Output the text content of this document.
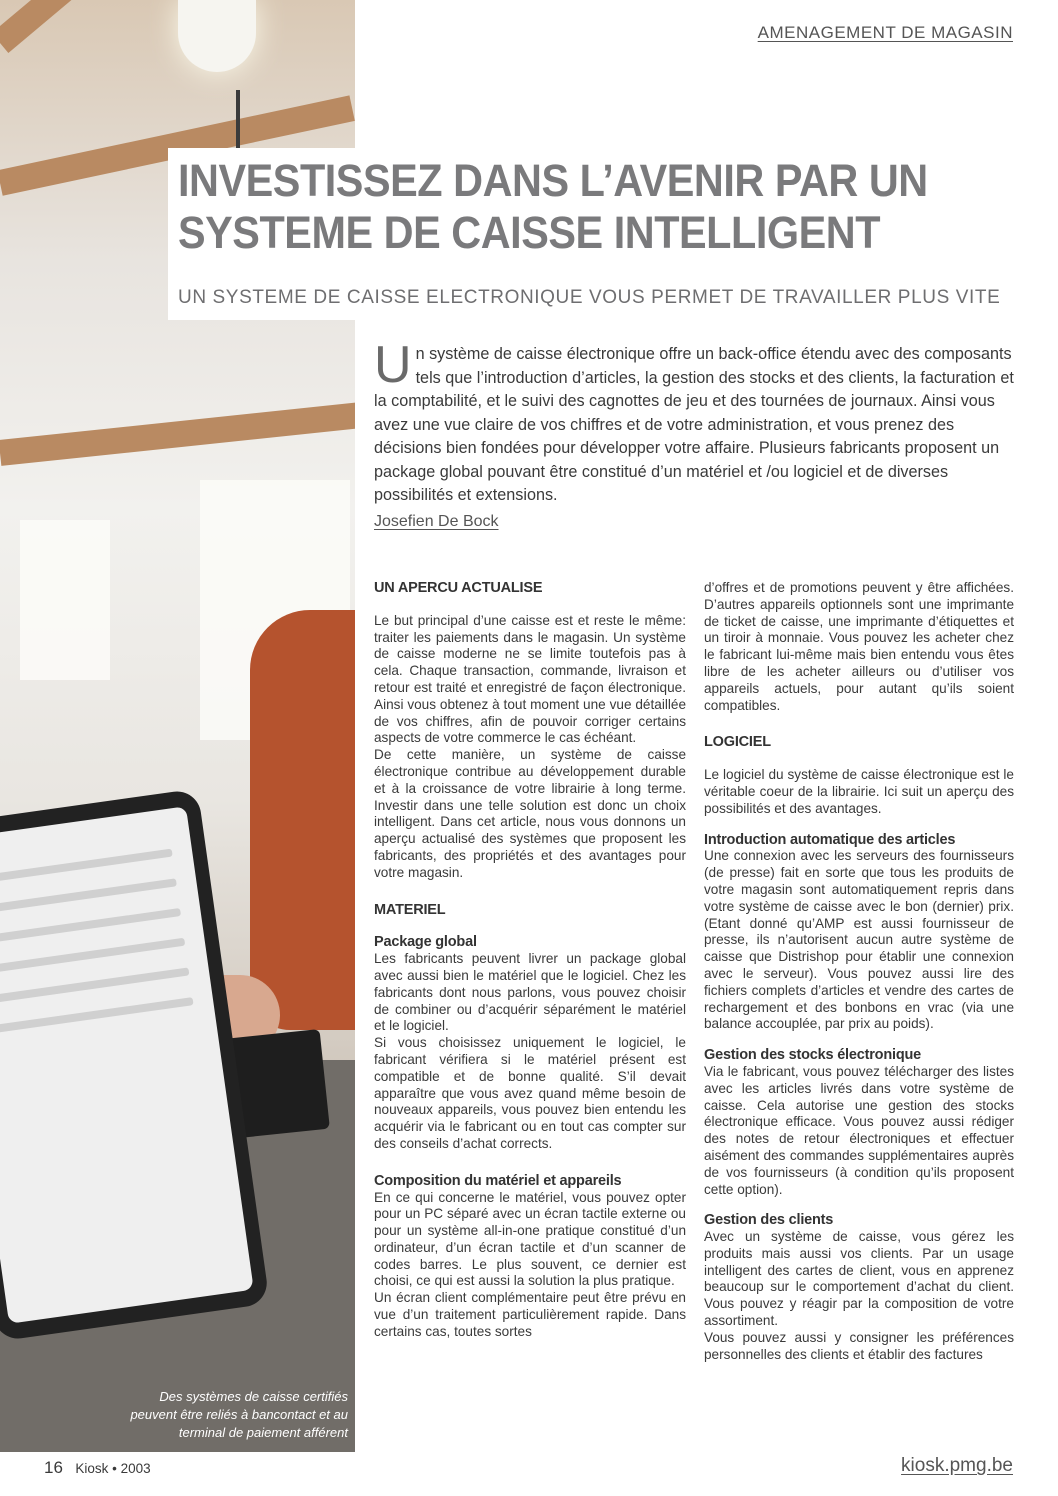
Des systèmes de caisse certifiés peuvent être reliés à bancontact et au terminal de paiement afférent
AMENAGEMENT DE MAGASIN
INVESTISSEZ DANS L’AVENIR PAR UN
SYSTEME DE CAISSE INTELLIGENT
UN SYSTEME DE CAISSE ELECTRONIQUE VOUS PERMET DE TRAVAILLER PLUS VITE
Un système de caisse électronique offre un back-office étendu avec des composants tels que l’introduction d’articles, la gestion des stocks et des clients, la facturation et la comptabilité, et le suivi des cagnottes de jeu et des tournées de journaux. Ainsi vous avez une vue claire de vos chiffres et de votre administration, et vous prenez des décisions bien fondées pour développer votre affaire. Plusieurs fabricants proposent un package global pouvant être constitué d’un matériel et /ou logiciel et de diverses possibilités et extensions.
Josefien De Bock
UN APERCU ACTUALISE

Le but principal d’une caisse est et reste le même: traiter les paiements dans le magasin. Un système de caisse moderne ne se limite toutefois pas à cela. Chaque transaction, commande, livraison et retour est traité et enregistré de façon électronique. Ainsi vous obtenez à tout moment une vue détaillée de vos chiffres, afin de pouvoir corriger certains aspects de votre commerce le cas échéant.

De cette manière, un système de caisse électronique contribue au développement durable et à la croissance de votre librairie à long terme. Investir dans une telle solution est donc un choix intelligent. Dans cet article, nous vous donnons un aperçu actualisé des systèmes que proposent les fabricants, des propriétés et des avantages pour votre magasin.

MATERIEL
Package global

Les fabricants peuvent livrer un package global avec aussi bien le matériel que le logiciel. Chez les fabricants dont nous parlons, vous pouvez choisir de combiner ou d’acquérir séparément le matériel et le logiciel.

Si vous choisissez uniquement le logiciel, le fabricant vérifiera si le matériel présent est compatible et de bonne qualité. S’il devait apparaître que vous avez quand même besoin de nouveaux appareils, vous pouvez bien entendu les acquérir via le fabricant ou en tout cas compter sur des conseils d’achat corrects.

Composition du matériel et appareils

En ce qui concerne le matériel, vous pouvez opter pour un PC séparé avec un écran tactile externe ou pour un système all-in-one pratique constitué d’un ordinateur, d’un écran tactile et d’un scanner de codes barres. Le plus souvent, ce dernier est choisi, ce qui est aussi la solution la plus pratique.

Un écran client complémentaire peut être prévu en vue d’un traitement particulièrement rapide. Dans certains cas, toutes sortes

d’offres et de promotions peuvent y être affichées. D’autres appareils optionnels sont une imprimante de ticket de caisse, une imprimante d’étiquettes et un tiroir à monnaie. Vous pouvez les acheter chez le fabricant lui-même mais bien entendu vous êtes libre de les acheter ailleurs ou d’utiliser vos appareils actuels, pour autant qu’ils soient compatibles.

LOGICIEL

Le logiciel du système de caisse électronique est le véritable coeur de la librairie. Ici suit un aperçu des possibilités et des avantages.

Introduction automatique des articles

Une connexion avec les serveurs des fournisseurs (de presse) fait en sorte que tous les produits de votre magasin sont automatiquement repris dans votre système de caisse avec le bon (dernier) prix. (Etant donné qu’AMP est aussi fournisseur de presse, ils n’autorisent aucun autre système de caisse que Distrishop pour établir une connexion avec le serveur). Vous pouvez aussi lire des fichiers complets d’articles et vendre des cartes de rechargement et des bonbons en vrac (via une balance accouplée, par prix au poids).

Gestion des stocks électronique

Via le fabricant, vous pouvez télécharger des listes avec les articles livrés dans votre système de caisse. Cela autorise une gestion des stocks électronique efficace. Vous pouvez aussi rédiger des notes de retour électroniques et effectuer aisément des commandes supplémentaires auprès de vos fournisseurs (à condition qu’ils proposent cette option).

Gestion des clients

Avec un système de caisse, vous gérez les produits mais aussi vos clients. Par un usage intelligent des cartes de client, vous en apprenez beaucoup sur le comportement d’achat du client. Vous pouvez y réagir par la composition de votre assortiment.

Vous pouvez aussi y consigner les préférences personnelles des clients et établir des factures

16 Kiosk • 2003	kiosk.pmg.be
